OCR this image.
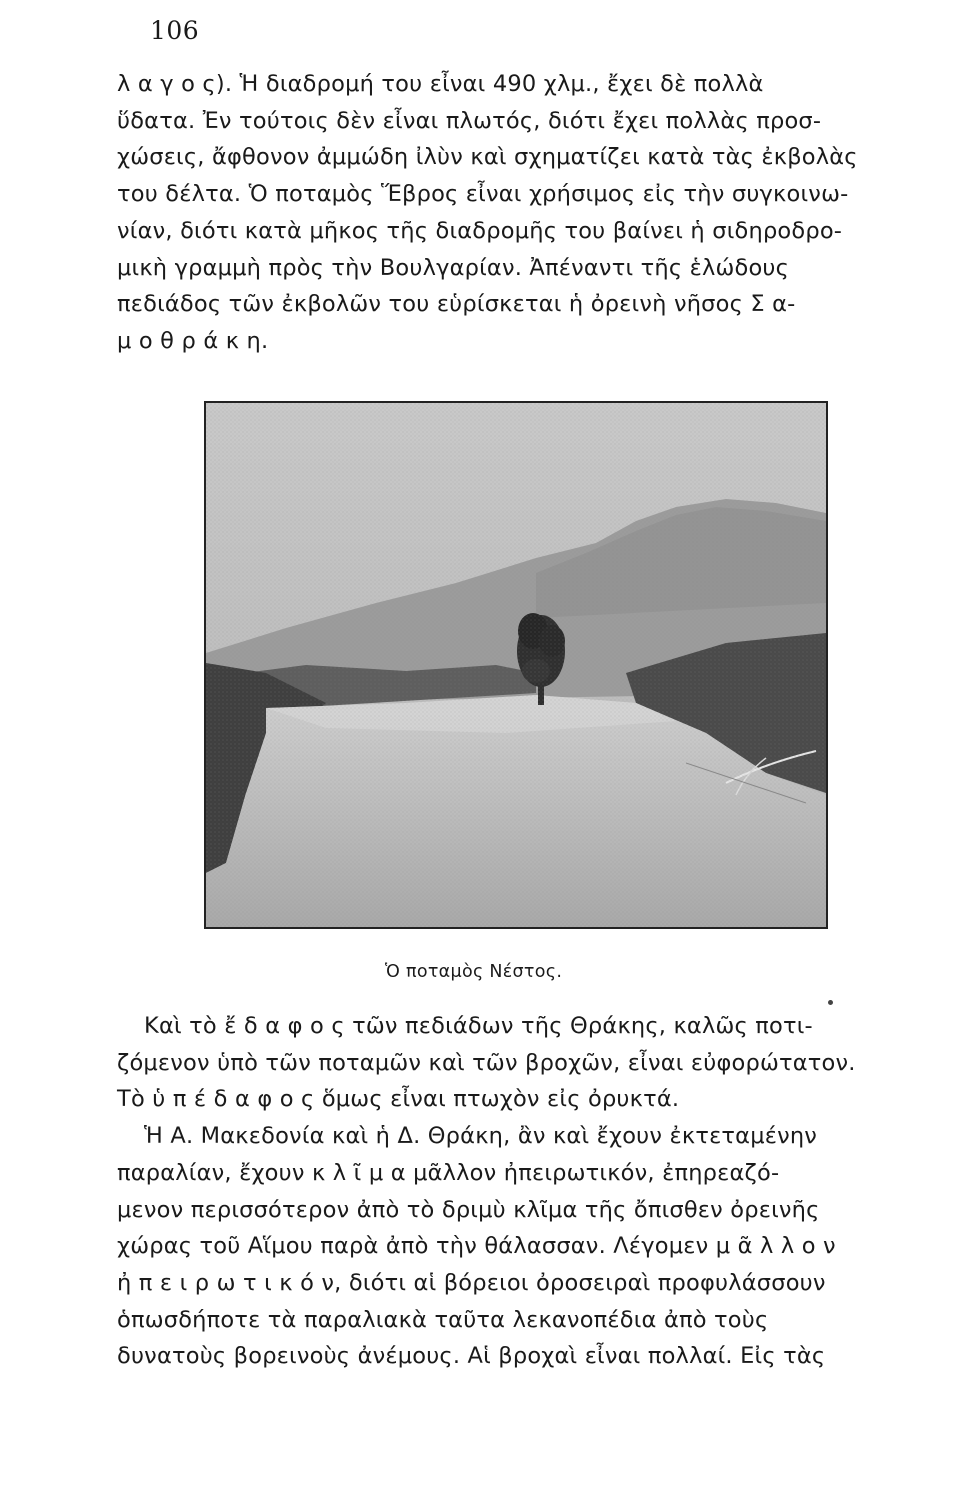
106
λ α γ ο ς). Ἡ διαδρομή του εἶναι 490 χλμ., ἔχει δὲ πολλὰ
ὕδατα. Ἐν τούτοις δὲν εἶναι πλωτός, διότι ἔχει πολλὰς προσ-
χώσεις, ἄφθονον ἀμμώδη ἰλὺν καὶ σχηματίζει κατὰ τὰς ἐκβολὰς
του δέλτα. Ὁ ποταμὸς Ἕβρος εἶναι χρήσιμος εἰς τὴν συγκοινω-
νίαν, διότι κατὰ μῆκος τῆς διαδρομῆς του βαίνει ἡ σιδηροδρο-
μικὴ γραμμὴ πρὸς τὴν Βουλγαρίαν. Ἀπέναντι τῆς ἑλώδους
πεδιάδος τῶν ἐκβολῶν του εὑρίσκεται ἡ ὀρεινὴ νῆσος Σ α-
μ ο θ ρ ά κ η.
Ὁ ποταμὸς Νέστος.
Καὶ τὸ ἔ δ α φ ο ς τῶν πεδιάδων τῆς Θράκης, καλῶς ποτι-
ζόμενον ὑπὸ τῶν ποταμῶν καὶ τῶν βροχῶν, εἶναι εὐφορώτατον.
Τὸ ὑ π έ δ α φ ο ς ὅμως εἶναι πτωχὸν εἰς ὀρυκτά.
Ἡ Α. Μακεδονία καὶ ἡ Δ. Θράκη, ἂν καὶ ἔχουν ἐκτεταμένην
παραλίαν, ἔχουν κ λ ῖ μ α μᾶλλον ἠπειρωτικόν, ἐπηρεαζό-
μενον περισσότερον ἀπὸ τὸ δριμὺ κλῖμα τῆς ὄπισθεν ὀρεινῆς
χώρας τοῦ Αἵμου παρὰ ἀπὸ τὴν θάλασσαν. Λέγομεν μ ᾶ λ λ ο ν
ἠ π ε ι ρ ω τ ι κ ό ν, διότι αἱ βόρειοι ὀροσειραὶ προφυλάσσουν
ὁπωσδήποτε τὰ παραλιακὰ ταῦτα λεκανοπέδια ἀπὸ τοὺς
δυνατοὺς βορεινοὺς ἀνέμους. Αἱ βροχαὶ εἶναι πολλαί. Εἰς τὰς
